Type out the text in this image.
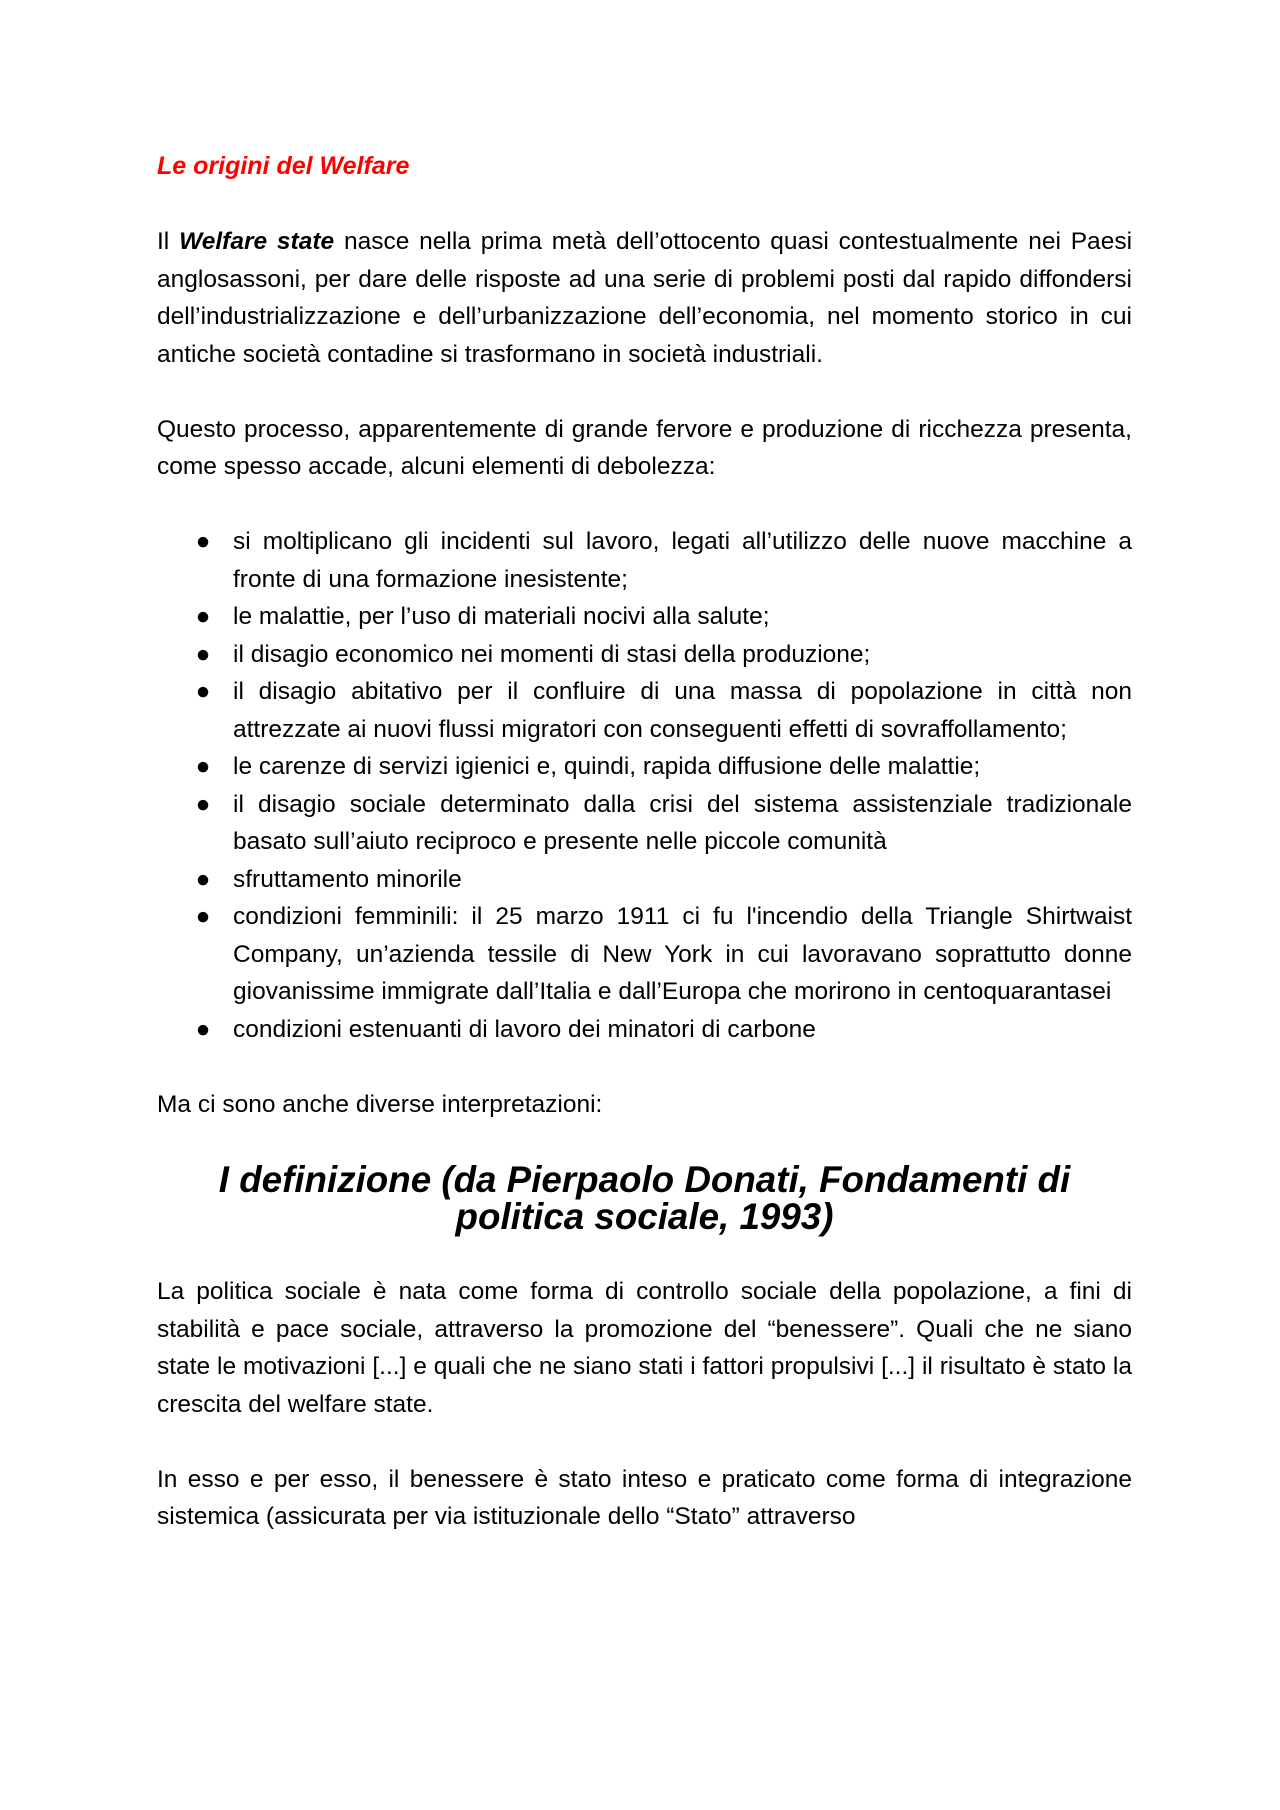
Le origini del Welfare

Il Welfare state nasce nella prima metà dell’ottocento quasi contestualmente nei Paesi anglosassoni, per dare delle risposte ad una serie di problemi posti dal rapido diffondersi dell’industrializzazione e dell’urbanizzazione dell’economia, nel momento storico in cui antiche società contadine si trasformano in società industriali.

Questo processo, apparentemente di grande fervore e produzione di ricchezza presenta, come spesso accade, alcuni elementi di debolezza:

● si moltiplicano gli incidenti sul lavoro, legati all’utilizzo delle nuove macchine a fronte di una formazione inesistente;
● le malattie, per l’uso di materiali nocivi alla salute;
● il disagio economico nei momenti di stasi della produzione;
● il disagio abitativo per il confluire di una massa di popolazione in città non attrezzate ai nuovi flussi migratori con conseguenti effetti di sovraffollamento;
● le carenze di servizi igienici e, quindi, rapida diffusione delle malattie;
● il disagio sociale determinato dalla crisi del sistema assistenziale tradizionale basato sull’aiuto reciproco e presente nelle piccole comunità
● sfruttamento minorile
● condizioni femminili: il 25 marzo 1911 ci fu l'incendio della Triangle Shirtwaist Company, un’azienda tessile di New York in cui lavoravano soprattutto donne giovanissime immigrate dall’Italia e dall’Europa che morirono in centoquarantasei
● condizioni estenuanti di lavoro dei minatori di carbone

Ma ci sono anche diverse interpretazioni:

I definizione (da Pierpaolo Donati, Fondamenti di politica sociale, 1993)

La politica sociale è nata come forma di controllo sociale della popolazione, a fini di stabilità e pace sociale, attraverso la promozione del “benessere”. Quali che ne siano state le motivazioni [...] e quali che ne siano stati i fattori propulsivi [...] il risultato è stato la crescita del welfare state.

In esso e per esso, il benessere è stato inteso e praticato come forma di integrazione sistemica (assicurata per via istituzionale dello “Stato” attraverso
